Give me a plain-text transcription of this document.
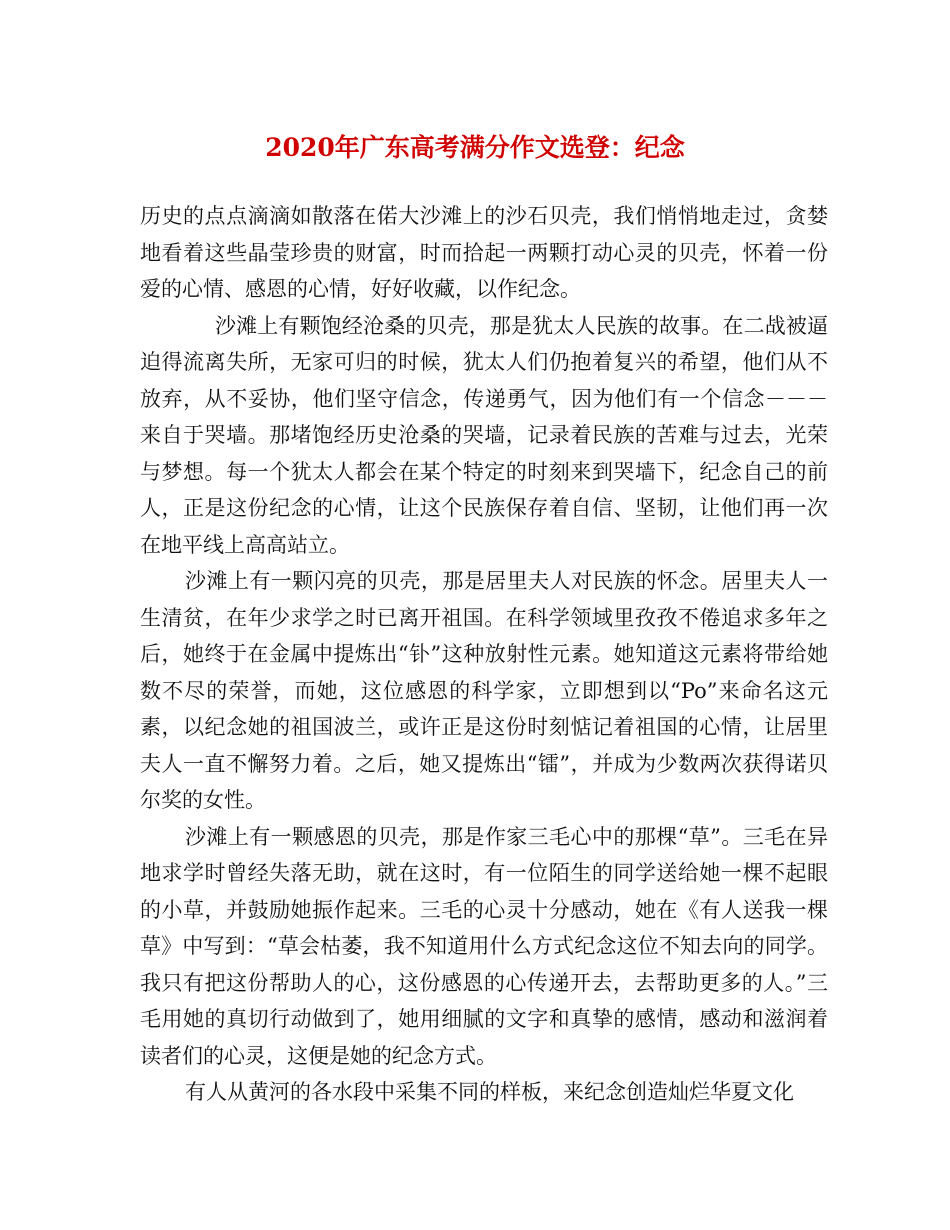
2020年广东高考满分作文选登：纪念

历史的点点滴滴如散落在偌大沙滩上的沙石贝壳，我们悄悄地走过，贪婪地看着这些晶莹珍贵的财富，时而拾起一两颗打动心灵的贝壳，怀着一份爱的心情、感恩的心情，好好收藏，以作纪念。

沙滩上有颗饱经沧桑的贝壳，那是犹太人民族的故事。在二战被逼迫得流离失所，无家可归的时候，犹太人们仍抱着复兴的希望，他们从不放弃，从不妥协，他们坚守信念，传递勇气，因为他们有一个信念－－－来自于哭墙。那堵饱经历史沧桑的哭墙，记录着民族的苦难与过去，光荣与梦想。每一个犹太人都会在某个特定的时刻来到哭墙下，纪念自己的前人，正是这份纪念的心情，让这个民族保存着自信、坚韧，让他们再一次在地平线上高高站立。

沙滩上有一颗闪亮的贝壳，那是居里夫人对民族的怀念。居里夫人一生清贫，在年少求学之时已离开祖国。在科学领域里孜孜不倦追求多年之后，她终于在金属中提炼出“钋”这种放射性元素。她知道这元素将带给她数不尽的荣誉，而她，这位感恩的科学家，立即想到以“Po”来命名这元素，以纪念她的祖国波兰，或许正是这份时刻惦记着祖国的心情，让居里夫人一直不懈努力着。之后，她又提炼出“镭”，并成为少数两次获得诺贝尔奖的女性。

沙滩上有一颗感恩的贝壳，那是作家三毛心中的那棵“草”。三毛在异地求学时曾经失落无助，就在这时，有一位陌生的同学送给她一棵不起眼的小草，并鼓励她振作起来。三毛的心灵十分感动，她在《有人送我一棵草》中写到：“草会枯萎，我不知道用什么方式纪念这位不知去向的同学。我只有把这份帮助人的心，这份感恩的心传递开去，去帮助更多的人。”三毛用她的真切行动做到了，她用细腻的文字和真挚的感情，感动和滋润着读者们的心灵，这便是她的纪念方式。

有人从黄河的各水段中采集不同的样板，来纪念创造灿烂华夏文化
